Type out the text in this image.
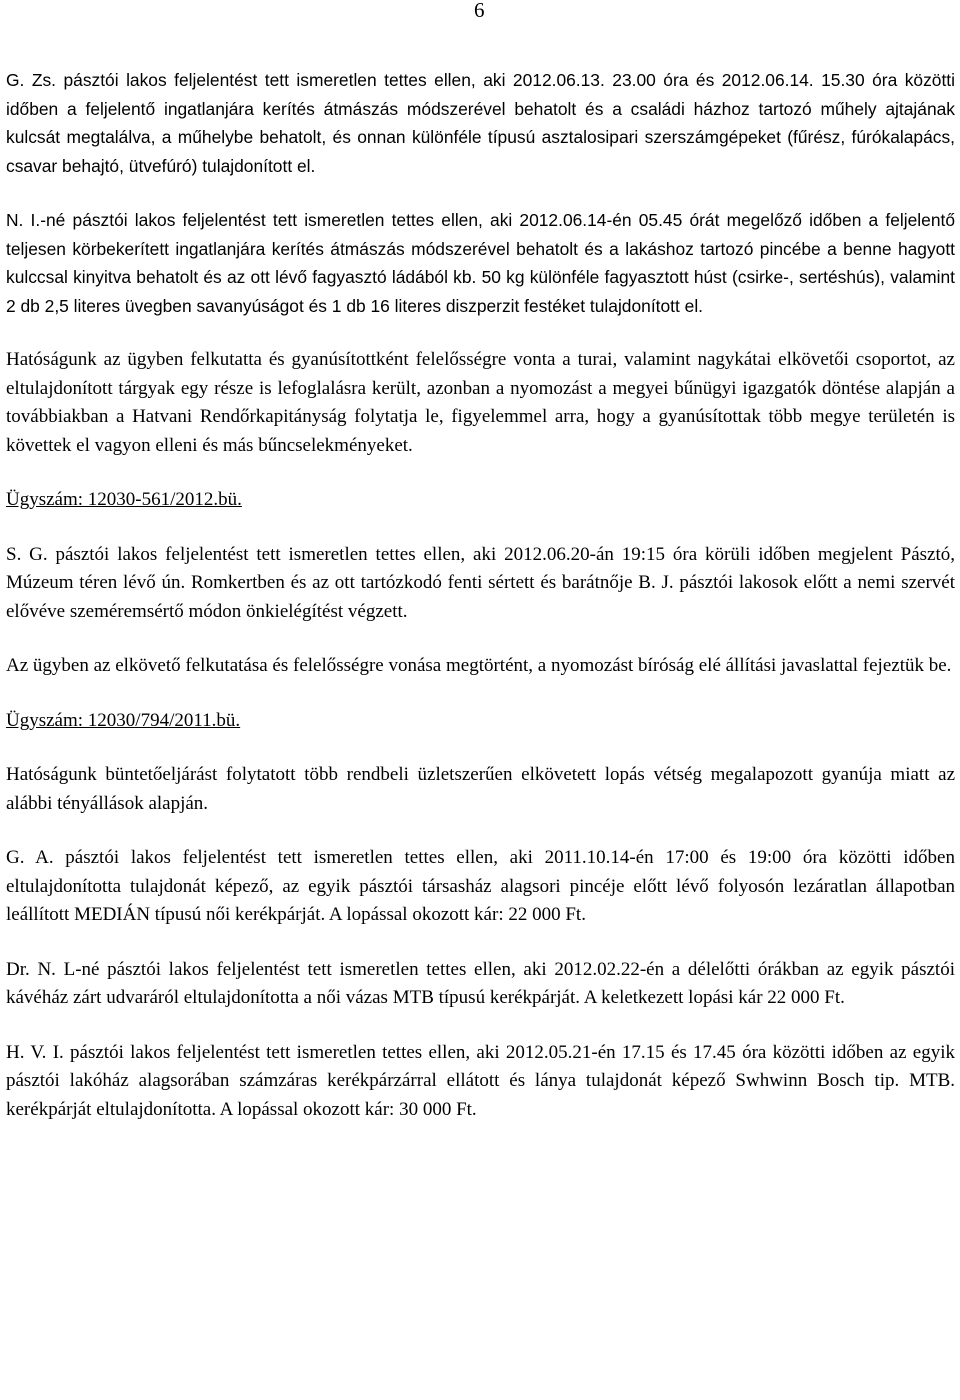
6

G. Zs. pásztói lakos feljelentést tett ismeretlen tettes ellen, aki 2012.06.13. 23.00 óra és 2012.06.14. 15.30 óra közötti időben a feljelentő ingatlanjára kerítés átmászás módszerével behatolt és a családi házhoz tartozó műhely ajtajának kulcsát megtalálva, a műhelybe behatolt, és onnan különféle típusú asztalosipari szerszámgépeket (fűrész, fúrókalapács, csavar behajtó, ütvefúró) tulajdonított el.

N. I.-né pásztói lakos feljelentést tett ismeretlen tettes ellen, aki 2012.06.14-én 05.45 órát megelőző időben a feljelentő teljesen körbekerített ingatlanjára kerítés átmászás módszerével behatolt és a lakáshoz tartozó pincébe a benne hagyott kulccsal kinyitva behatolt és az ott lévő fagyasztó ládából kb. 50 kg különféle fagyasztott húst (csirke-, sertéshús), valamint 2 db 2,5 literes üvegben savanyúságot és 1 db 16 literes diszperzit festéket tulajdonított el.

Hatóságunk az ügyben felkutatta és gyanúsítottként felelősségre vonta a turai, valamint nagykátai elkövetői csoportot, az eltulajdonított tárgyak egy része is lefoglalásra került, azonban a nyomozást a megyei bűnügyi igazgatók döntése alapján a továbbiakban a Hatvani Rendőrkapitányság folytatja le, figyelemmel arra, hogy a gyanúsítottak több megye területén is követtek el vagyon elleni és más bűncselekményeket.

Ügyszám: 12030-561/2012.bü.

S. G. pásztói lakos feljelentést tett ismeretlen tettes ellen, aki 2012.06.20-án 19:15 óra körüli időben megjelent Pásztó, Múzeum téren lévő ún. Romkertben és az ott tartózkodó fenti sértett és barátnője B. J. pásztói lakosok előtt a nemi szervét elővéve szeméremsértő módon önkielégítést végzett.

Az ügyben az elkövető felkutatása és felelősségre vonása megtörtént, a nyomozást bíróság elé állítási javaslattal fejeztük be.

Ügyszám: 12030/794/2011.bü.

Hatóságunk büntetőeljárást folytatott több rendbeli üzletszerűen elkövetett lopás vétség megalapozott gyanúja miatt az alábbi tényállások alapján.

G. A. pásztói lakos feljelentést tett ismeretlen tettes ellen, aki 2011.10.14-én 17:00 és 19:00 óra közötti időben eltulajdonította tulajdonát képező, az egyik pásztói társasház alagsori pincéje előtt lévő folyosón lezáratlan állapotban leállított MEDIÁN típusú női kerékpárját. A lopással okozott kár: 22 000 Ft.

Dr. N. L-né pásztói lakos feljelentést tett ismeretlen tettes ellen, aki 2012.02.22-én a délelőtti órákban az egyik pásztói kávéház zárt udvaráról eltulajdonította a női vázas MTB típusú kerékpárját. A keletkezett lopási kár 22 000 Ft.

H. V. I. pásztói lakos feljelentést tett ismeretlen tettes ellen, aki 2012.05.21-én 17.15 és 17.45 óra közötti időben az egyik pásztói lakóház alagsorában számzáras kerékpárzárral ellátott és lánya tulajdonát képező Swhwinn Bosch tip. MTB. kerékpárját eltulajdonította. A lopással okozott kár: 30 000 Ft.
